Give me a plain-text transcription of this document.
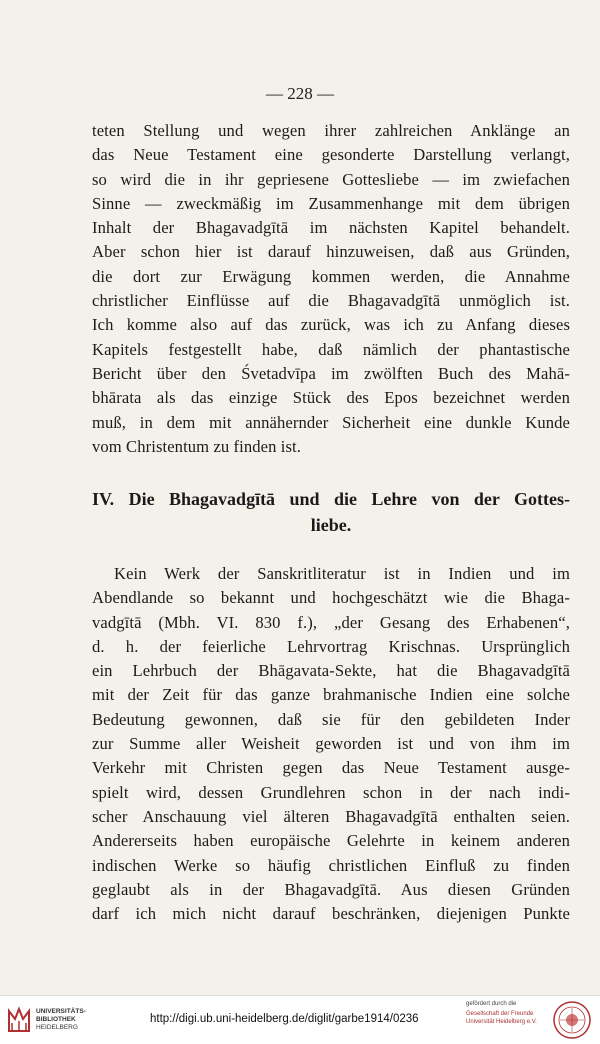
— 228 —
teten Stellung und wegen ihrer zahlreichen Anklänge an
das Neue Testament eine gesonderte Darstellung verlangt,
so wird die in ihr gepriesene Gottesliebe — im zwiefachen
Sinne — zweckmäßig im Zusammenhange mit dem übrigen
Inhalt der Bhagavadgītā im nächsten Kapitel behandelt.
Aber schon hier ist darauf hinzuweisen, daß aus Gründen,
die dort zur Erwägung kommen werden, die Annahme
christlicher Einflüsse auf die Bhagavadgītā unmöglich ist.
Ich komme also auf das zurück, was ich zu Anfang dieses
Kapitels festgestellt habe, daß nämlich der phantastische
Bericht über den Śvetadvīpa im zwölften Buch des Mahā-
bhārata als das einzige Stück des Epos bezeichnet werden
muß, in dem mit annähernder Sicherheit eine dunkle Kunde
vom Christentum zu finden ist.
IV. Die Bhagavadgītā und die Lehre von der Gottes-
liebe.
Kein Werk der Sanskritliteratur ist in Indien und im
Abendlande so bekannt und hochgeschätzt wie die Bhaga-
vadgītā (Mbh. VI. 830 f.), „der Gesang des Erhabenen“,
d. h. der feierliche Lehrvortrag Krischnas. Ursprünglich
ein Lehrbuch der Bhāgavata-Sekte, hat die Bhagavadgītā
mit der Zeit für das ganze brahmanische Indien eine solche
Bedeutung gewonnen, daß sie für den gebildeten Inder
zur Summe aller Weisheit geworden ist und von ihm im
Verkehr mit Christen gegen das Neue Testament ausge-
spielt wird, dessen Grundlehren schon in der nach indi-
scher Anschauung viel älteren Bhagavadgītā enthalten seien.
Andererseits haben europäische Gelehrte in keinem anderen
indischen Werke so häufig christlichen Einfluß zu finden
geglaubt als in der Bhagavadgītā. Aus diesen Gründen
darf ich mich nicht darauf beschränken, diejenigen Punkte
UNIVERSITÄTS-
BIBLIOTHEK
HEIDELBERG
http://digi.ub.uni-heidelberg.de/diglit/garbe1914/0236
gefördert durch die
Gesellschaft der Freunde
Universität Heidelberg e.V.
